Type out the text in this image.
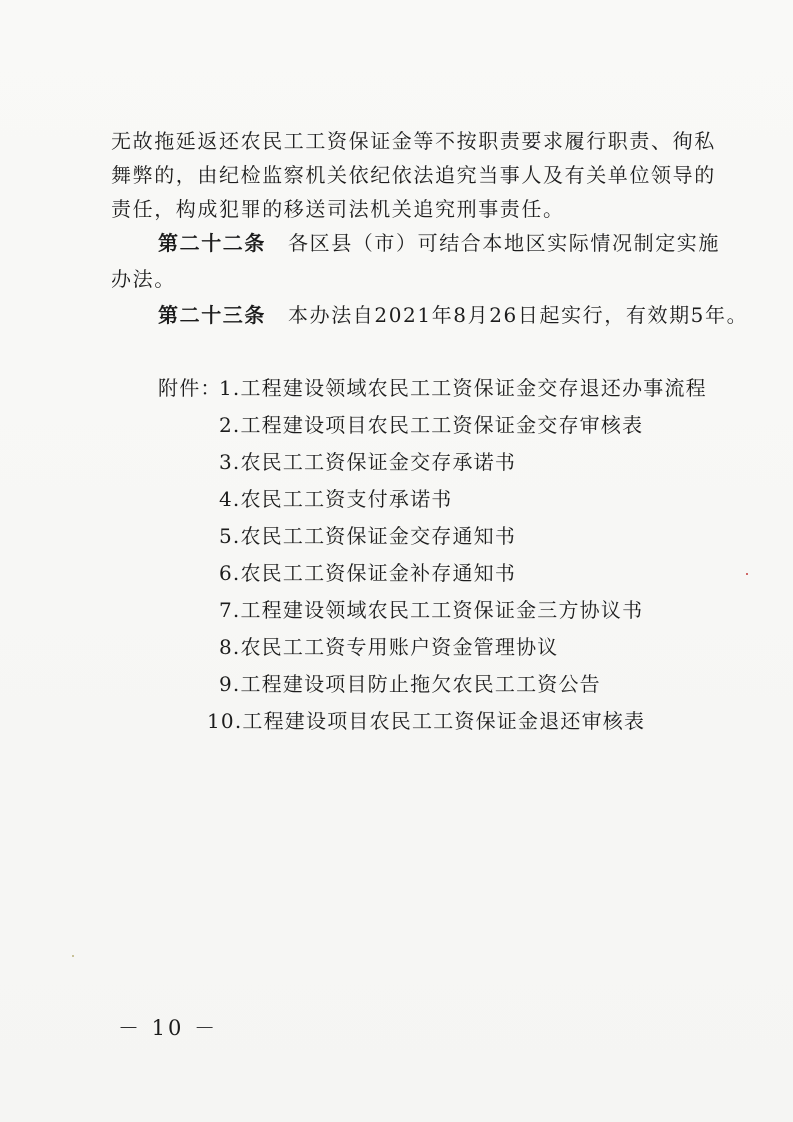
无故拖延返还农民工工资保证金等不按职责要求履行职责、徇私
舞弊的，由纪检监察机关依纪依法追究当事人及有关单位领导的
责任，构成犯罪的移送司法机关追究刑事责任。
第二十二条 各区县（市）可结合本地区实际情况制定实施
办法。
第二十三条 本办法自2021年8月26日起实行，有效期5年。
附件：
1.工程建设领域农民工工资保证金交存退还办事流程
2.工程建设项目农民工工资保证金交存审核表
3.农民工工资保证金交存承诺书
4.农民工工资支付承诺书
5.农民工工资保证金交存通知书
6.农民工工资保证金补存通知书
7.工程建设领域农民工工资保证金三方协议书
8.农民工工资专用账户资金管理协议
9.工程建设项目防止拖欠农民工工资公告
10.工程建设项目农民工工资保证金退还审核表
－ 10 －
